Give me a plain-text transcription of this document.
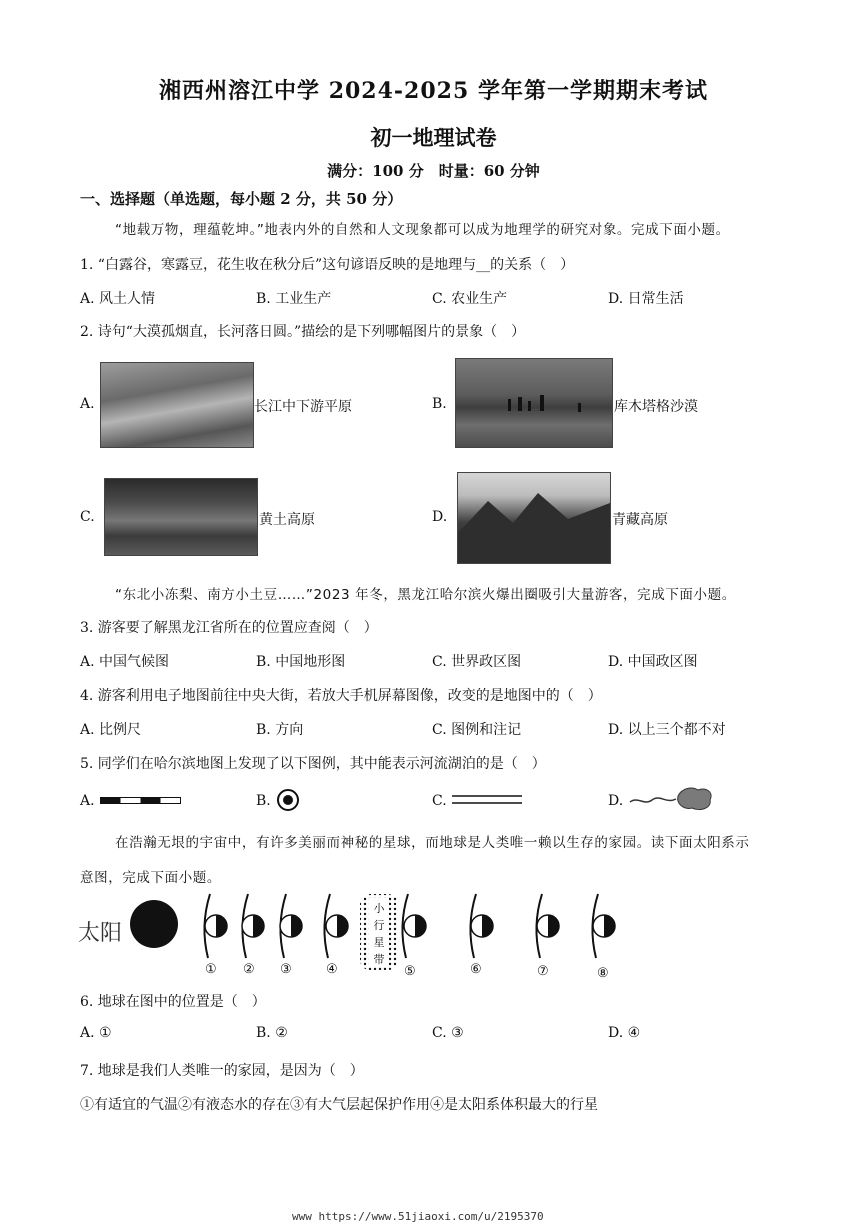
湘西州溶江中学 2024-2025 学年第一学期期末考试
初一地理试卷
满分：100 分　时量：60 分钟
一、选择题（单选题，每小题 2 分，共 50 分）
“地载万物，理蕴乾坤。”地表内外的自然和人文现象都可以成为地理学的研究对象。完成下面小题。
1. “白露谷，寒露豆，花生收在秋分后”这句谚语反映的是地理与__的关系（　）
A. 风土人情	B. 工业生产	C. 农业生产	D. 日常生活
2. 诗句“大漠孤烟直，长河落日圆。”描绘的是下列哪幅图片的景象（　）
A.	长江中下游平原	B.	库木塔格沙漠
C.	黄土高原	D.	青藏高原
“东北小冻梨、南方小土豆……”2023 年冬，黑龙江哈尔滨火爆出圈吸引大量游客，完成下面小题。
3. 游客要了解黑龙江省所在的位置应查阅（　）
A. 中国气候图	B. 中国地形图	C. 世界政区图	D. 中国政区图
4. 游客利用电子地图前往中央大街，若放大手机屏幕图像，改变的是地图中的（　）
A. 比例尺	B. 方向	C. 图例和注记	D. 以上三个都不对
5. 同学们在哈尔滨地图上发现了以下图例，其中能表示河流湖泊的是（　）
A.	B.	C.	D.
在浩瀚无垠的宇宙中，有许多美丽而神秘的星球，而地球是人类唯一赖以生存的家园。读下面太阳系示
意图，完成下面小题。
太阳
小
行
星
带
① ② ③	④	⑤	⑥	⑦	⑧
6. 地球在图中的位置是（　）
A. ①	B. ②	C. ③	D. ④
7. 地球是我们人类唯一的家园，是因为（　）
①有适宜的气温②有液态水的存在③有大气层起保护作用④是太阳系体积最大的行星
www https://www.51jiaoxi.com/u/2195370
